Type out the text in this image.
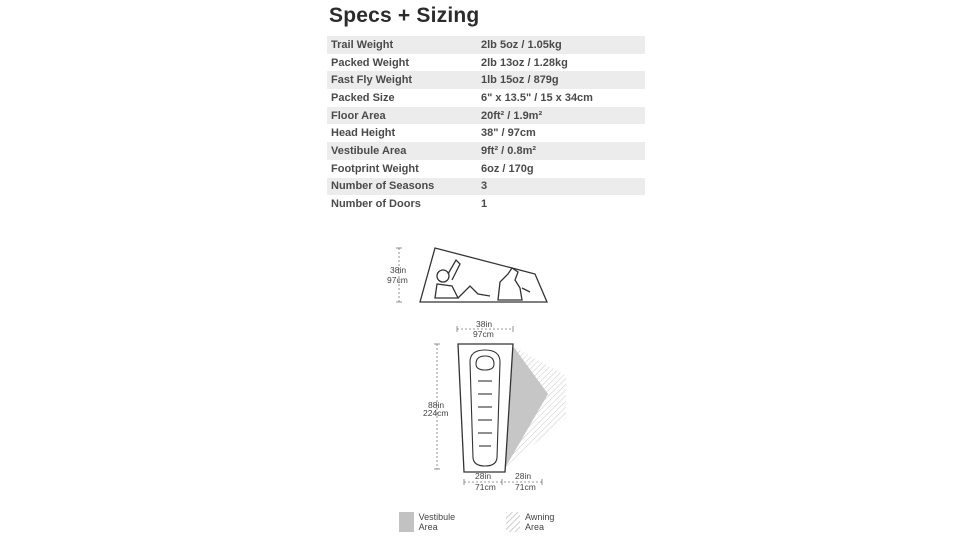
Specs + Sizing
Trail Weight	2lb 5oz / 1.05kg
Packed Weight	2lb 13oz / 1.28kg
Fast Fly Weight	1lb 15oz / 879g
Packed Size	6" x 13.5" / 15 x 34cm
Floor Area	20ft² / 1.9m²
Head Height	38" / 97cm
Vestibule Area	9ft² / 0.8m²
Footprint Weight	6oz / 170g
Number of Seasons	3
Number of Doors	1
38in
97cm
38in
97cm
88in
224cm
28in
71cm
28in
71cm
Vestibule Area
Awning Area
